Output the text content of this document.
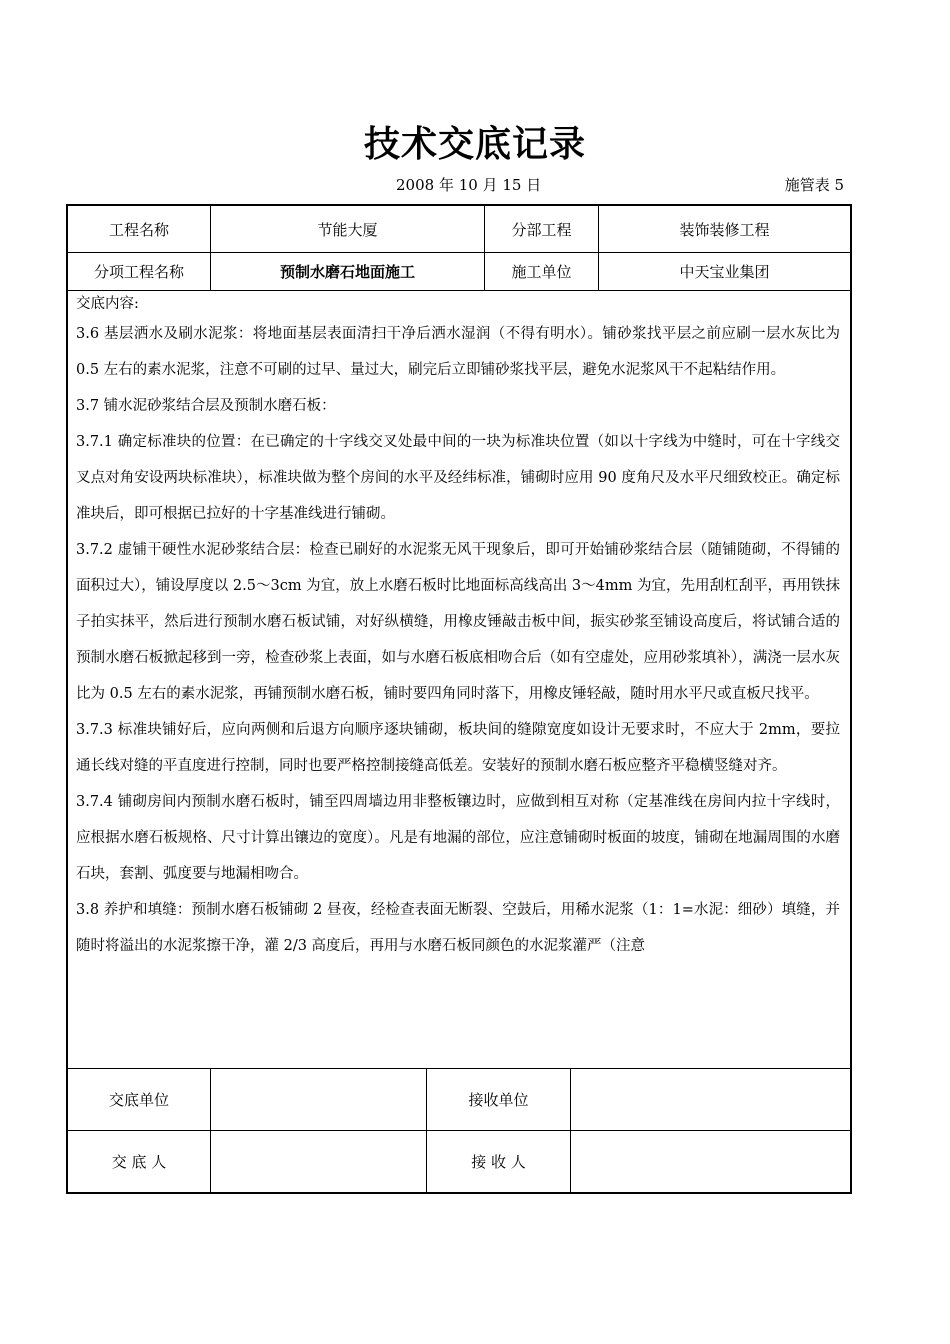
技术交底记录
2008 年 10 月 15 日	施管表 5
工程名称	节能大厦	分部工程	装饰装修工程
分项工程名称	预制水磨石地面施工	施工单位	中天宝业集团
交底内容:

3.6 基层洒水及刷水泥浆：将地面基层表面清扫干净后洒水湿润（不得有明水）。铺砂浆找平层之前应刷一层水灰比为 0.5 左右的素水泥浆，注意不可刷的过早、量过大，刷完后立即铺砂浆找平层，避免水泥浆风干不起粘结作用。

3.7 铺水泥砂浆结合层及预制水磨石板：

3.7.1 确定标准块的位置：在已确定的十字线交叉处最中间的一块为标准块位置（如以十字线为中缝时，可在十字线交叉点对角安设两块标准块），标准块做为整个房间的水平及经纬标准，铺砌时应用 90 度角尺及水平尺细致校正。确定标准块后，即可根据已拉好的十字基准线进行铺砌。

3.7.2 虚铺干硬性水泥砂浆结合层：检查已刷好的水泥浆无风干现象后，即可开始铺砂浆结合层（随铺随砌，不得铺的面积过大），铺设厚度以 2.5～3cm 为宜，放上水磨石板时比地面标高线高出 3～4mm 为宜，先用刮杠刮平，再用铁抹子拍实抹平，然后进行预制水磨石板试铺，对好纵横缝，用橡皮锤敲击板中间，振实砂浆至铺设高度后，将试铺合适的预制水磨石板掀起移到一旁，检查砂浆上表面，如与水磨石板底相吻合后（如有空虚处，应用砂浆填补），满浇一层水灰比为 0.5 左右的素水泥浆，再铺预制水磨石板，铺时要四角同时落下，用橡皮锤轻敲，随时用水平尺或直板尺找平。

3.7.3 标准块铺好后，应向两侧和后退方向顺序逐块铺砌，板块间的缝隙宽度如设计无要求时，不应大于 2mm，要拉通长线对缝的平直度进行控制，同时也要严格控制接缝高低差。安装好的预制水磨石板应整齐平稳横竖缝对齐。

3.7.4 铺砌房间内预制水磨石板时，铺至四周墙边用非整板镶边时，应做到相互对称（定基准线在房间内拉十字线时，应根据水磨石板规格、尺寸计算出镶边的宽度）。凡是有地漏的部位，应注意铺砌时板面的坡度，铺砌在地漏周围的水磨石块，套割、弧度要与地漏相吻合。

3.8 养护和填缝：预制水磨石板铺砌 2 昼夜，经检查表面无断裂、空鼓后，用稀水泥浆（1：1=水泥：细砂）填缝，并随时将溢出的水泥浆擦干净，灌 2/3 高度后，再用与水磨石板同颜色的水泥浆灌严（注意

交底单位	接收单位
交 底 人	接 收 人
